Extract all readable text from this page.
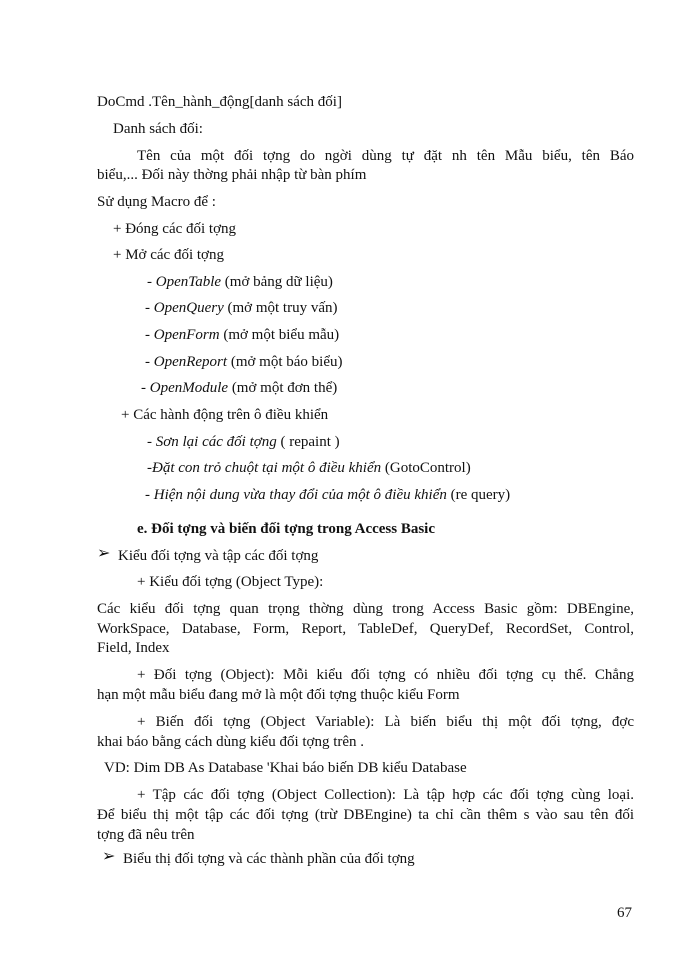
DoCmd .Tên_hành_động[danh sách đối]
Danh sách đối:
Tên của một đối tợng do ngời dùng tự đặt nh tên Mẫu biểu, tên Báo
biểu,... Đối này thờng phải nhập từ bàn phím
Sử dụng Macro để :
+ Đóng các đối tợng
+ Mở các đối tợng
- OpenTable (mở bảng dữ liệu)
- OpenQuery (mở một truy vấn)
- OpenForm (mở một biểu mẫu)
- OpenReport (mở một báo biểu)
- OpenModule (mở một đơn thể)
+ Các hành động trên ô điều khiển
- Sơn lại các đối tợng ( repaint )
-Đặt con trỏ chuột tại một ô điều khiển (GotoControl)
- Hiện nội dung vừa thay đổi của một ô điều khiển (re query)
e. Đối tợng và biến đối tợng trong Access Basic
➢ Kiểu đối tợng và tập các đối tợng
+ Kiểu đối tợng (Object Type):
Các kiểu đối tợng quan trọng thờng dùng trong Access Basic gồm: DBEngine,
WorkSpace, Database, Form, Report, TableDef, QueryDef, RecordSet, Control,
Field, Index
+ Đối tợng (Object): Mỗi kiểu đối tợng có nhiều đối tợng cụ thể. Chẳng
hạn một mẫu biểu đang mở là một đối tợng thuộc kiểu Form
+ Biến đối tợng (Object Variable): Là biến biểu thị một đối tợng, đợc
khai báo bằng cách dùng kiểu đối tợng trên .
VD: Dim DB As Database 'Khai báo biến DB kiểu Database
+ Tập các đối tợng (Object Collection): Là tập hợp các đối tợng cùng loại.
Để biểu thị một tập các đối tợng (trừ DBEngine) ta chỉ cần thêm s vào sau tên đối
tợng đã nêu trên
➢ Biểu thị đối tợng và các thành phần của đối tợng
67
